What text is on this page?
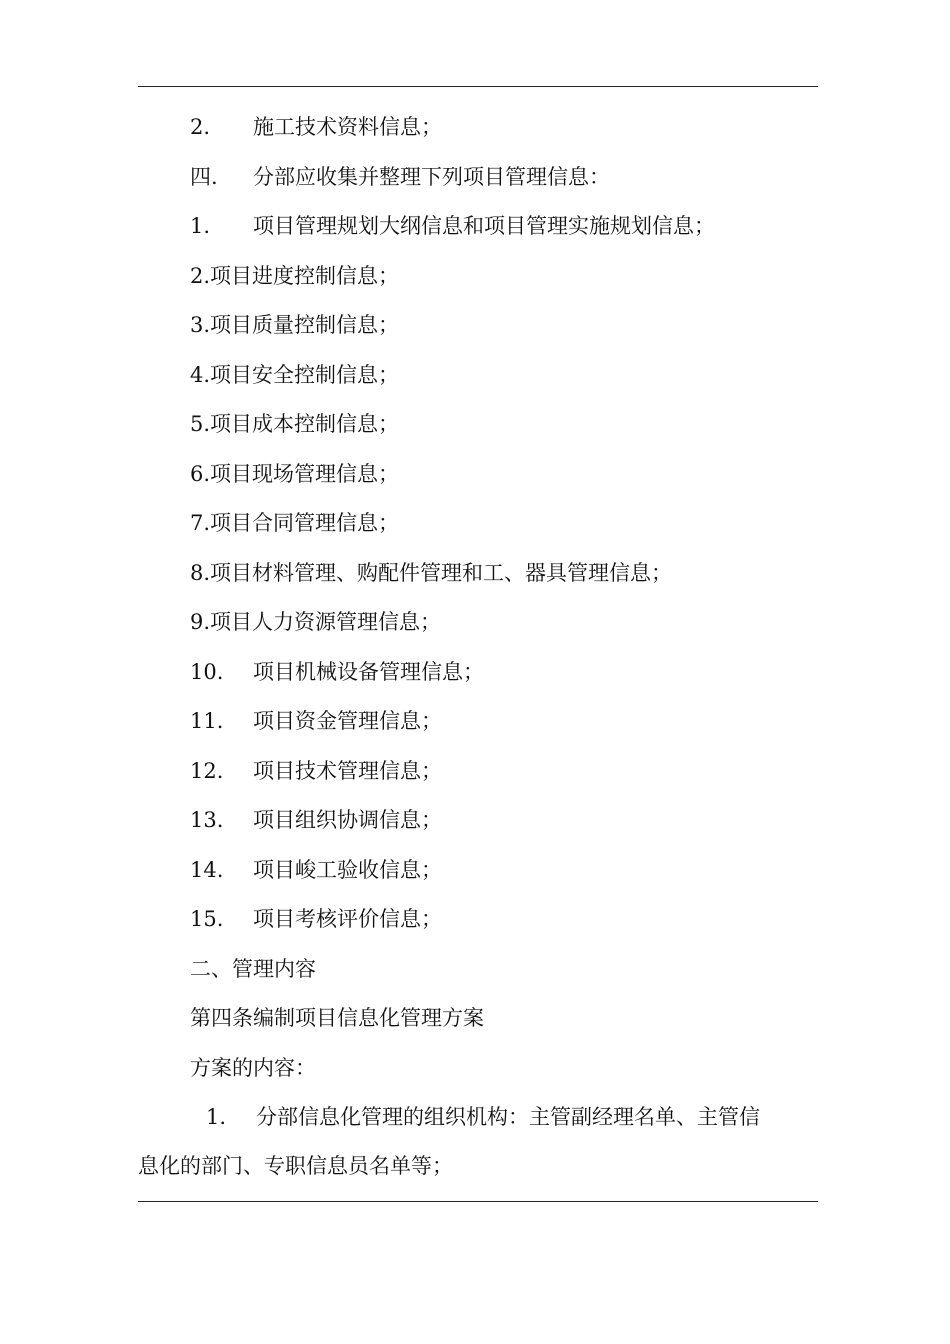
2. 施工技术资料信息；
四. 分部应收集并整理下列项目管理信息：
1. 项目管理规划大纲信息和项目管理实施规划信息；
2.项目进度控制信息；
3.项目质量控制信息；
4.项目安全控制信息；
5.项目成本控制信息；
6.项目现场管理信息；
7.项目合同管理信息；
8.项目材料管理、购配件管理和工、器具管理信息；
9.项目人力资源管理信息；
10. 项目机械设备管理信息；
11. 项目资金管理信息；
12. 项目技术管理信息；
13. 项目组织协调信息；
14. 项目峻工验收信息；
15. 项目考核评价信息；
二、管理内容
第四条编制项目信息化管理方案
方案的内容：
1. 分部信息化管理的组织机构：主管副经理名单、主管信
息化的部门、专职信息员名单等；
